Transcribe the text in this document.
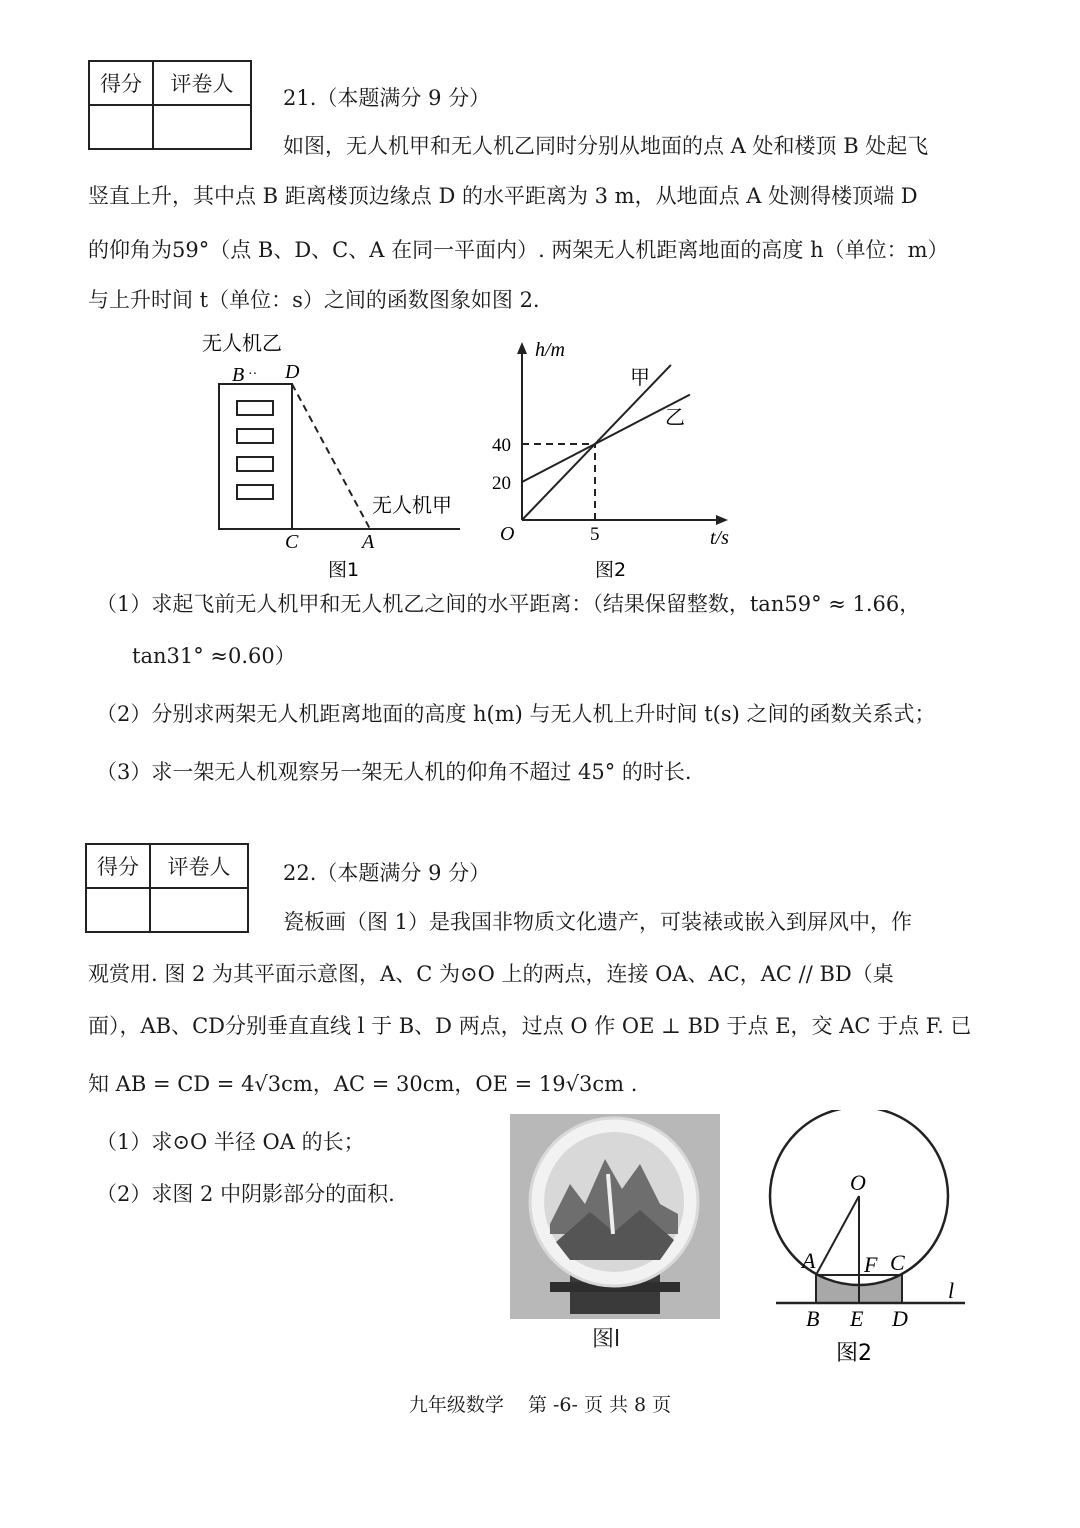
得分	评卷人

21.（本题满分 9 分）
如图，无人机甲和无人机乙同时分别从地面的点 A 处和楼顶 B 处起飞
竖直上升，其中点 B 距离楼顶边缘点 D 的水平距离为 3 m，从地面点 A 处测得楼顶端 D
的仰角为59°（点 B、D、C、A 在同一平面内）. 两架无人机距离地面的高度 h（单位：m）
与上升时间 t（单位：s）之间的函数图象如图 2.
无人机乙
B ·· D
C	A
无人机甲
图1
h/m
t/s
O
40
20
5
甲
乙
图2
（1）求起飞前无人机甲和无人机乙之间的水平距离：（结果保留整数，tan59° ≈ 1.66，
tan31° ≈0.60）
（2）分别求两架无人机距离地面的高度 h(m) 与无人机上升时间 t(s) 之间的函数关系式；
（3）求一架无人机观察另一架无人机的仰角不超过 45° 的时长.
得分	评卷人
		22.（本题满分 9 分）
瓷板画（图 1）是我国非物质文化遗产，可装裱或嵌入到屏风中，作
观赏用. 图 2 为其平面示意图，A、C 为⊙O 上的两点，连接 OA、AC，AC // BD（桌
面），AB、CD分别垂直直线 l 于 B、D 两点，过点 O 作 OE ⊥ BD 于点 E，交 AC 于点 F. 已
知 AB = CD = 4√3cm，AC = 30cm，OE = 19√3cm .
（1）求⊙O 半径 OA 的长；
（2）求图 2 中阴影部分的面积.
图l
O
A F C
B E D
l
图2
九年级数学    第 -6- 页 共 8 页
